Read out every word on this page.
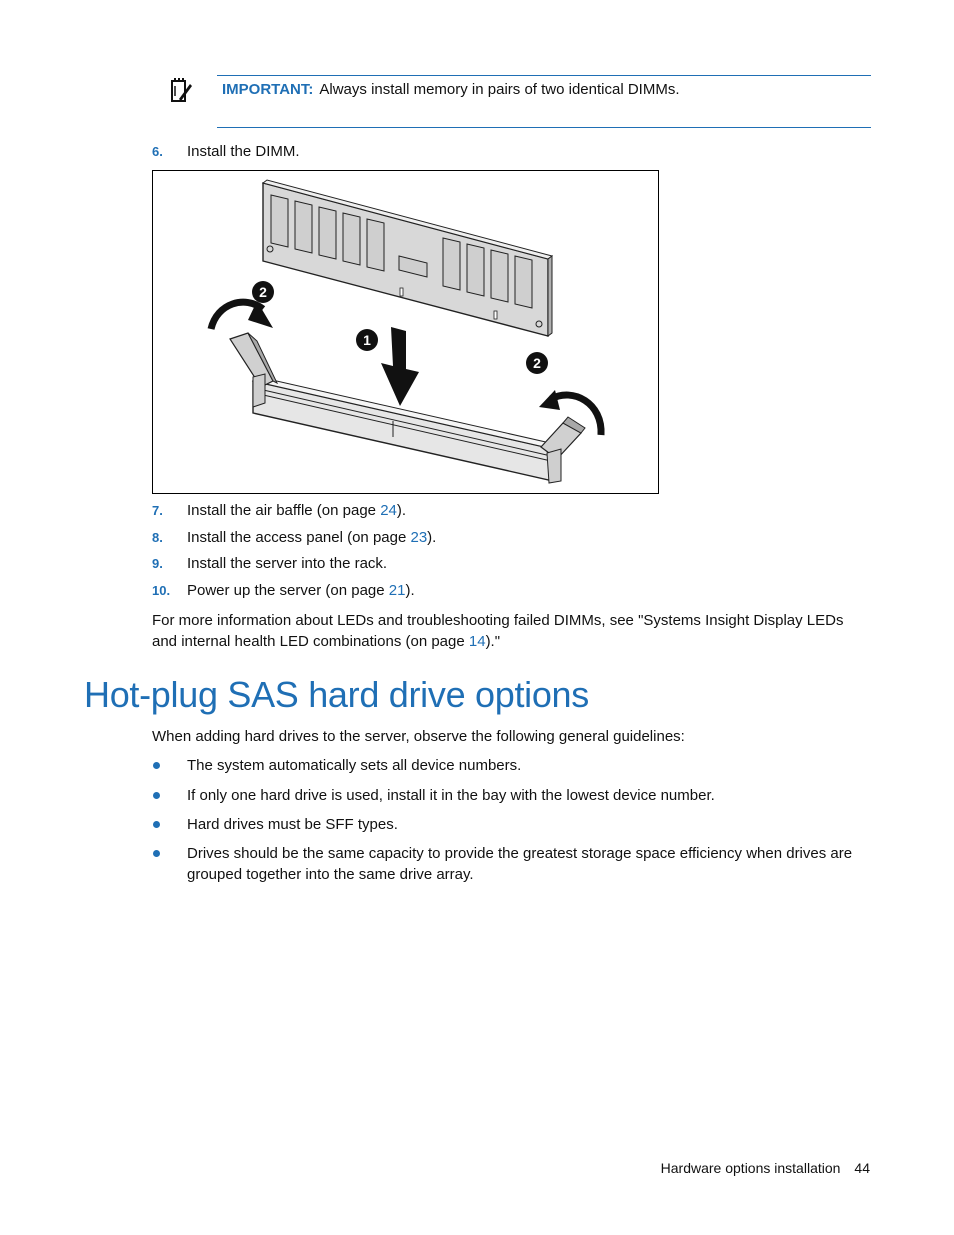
IMPORTANT: Always install memory in pairs of two identical DIMMs.
6. Install the DIMM.
2
1
2
7. Install the air baffle (on page 24).
8. Install the access panel (on page 23).
9. Install the server into the rack.
10. Power up the server (on page 21).
For more information about LEDs and troubleshooting failed DIMMs, see "Systems Insight Display LEDs
and internal health LED combinations (on page 14)."
Hot-plug SAS hard drive options
When adding hard drives to the server, observe the following general guidelines:
The system automatically sets all device numbers.
If only one hard drive is used, install it in the bay with the lowest device number.
Hard drives must be SFF types.
Drives should be the same capacity to provide the greatest storage space efficiency when drives are grouped together into the same drive array.
Hardware options installation 44
